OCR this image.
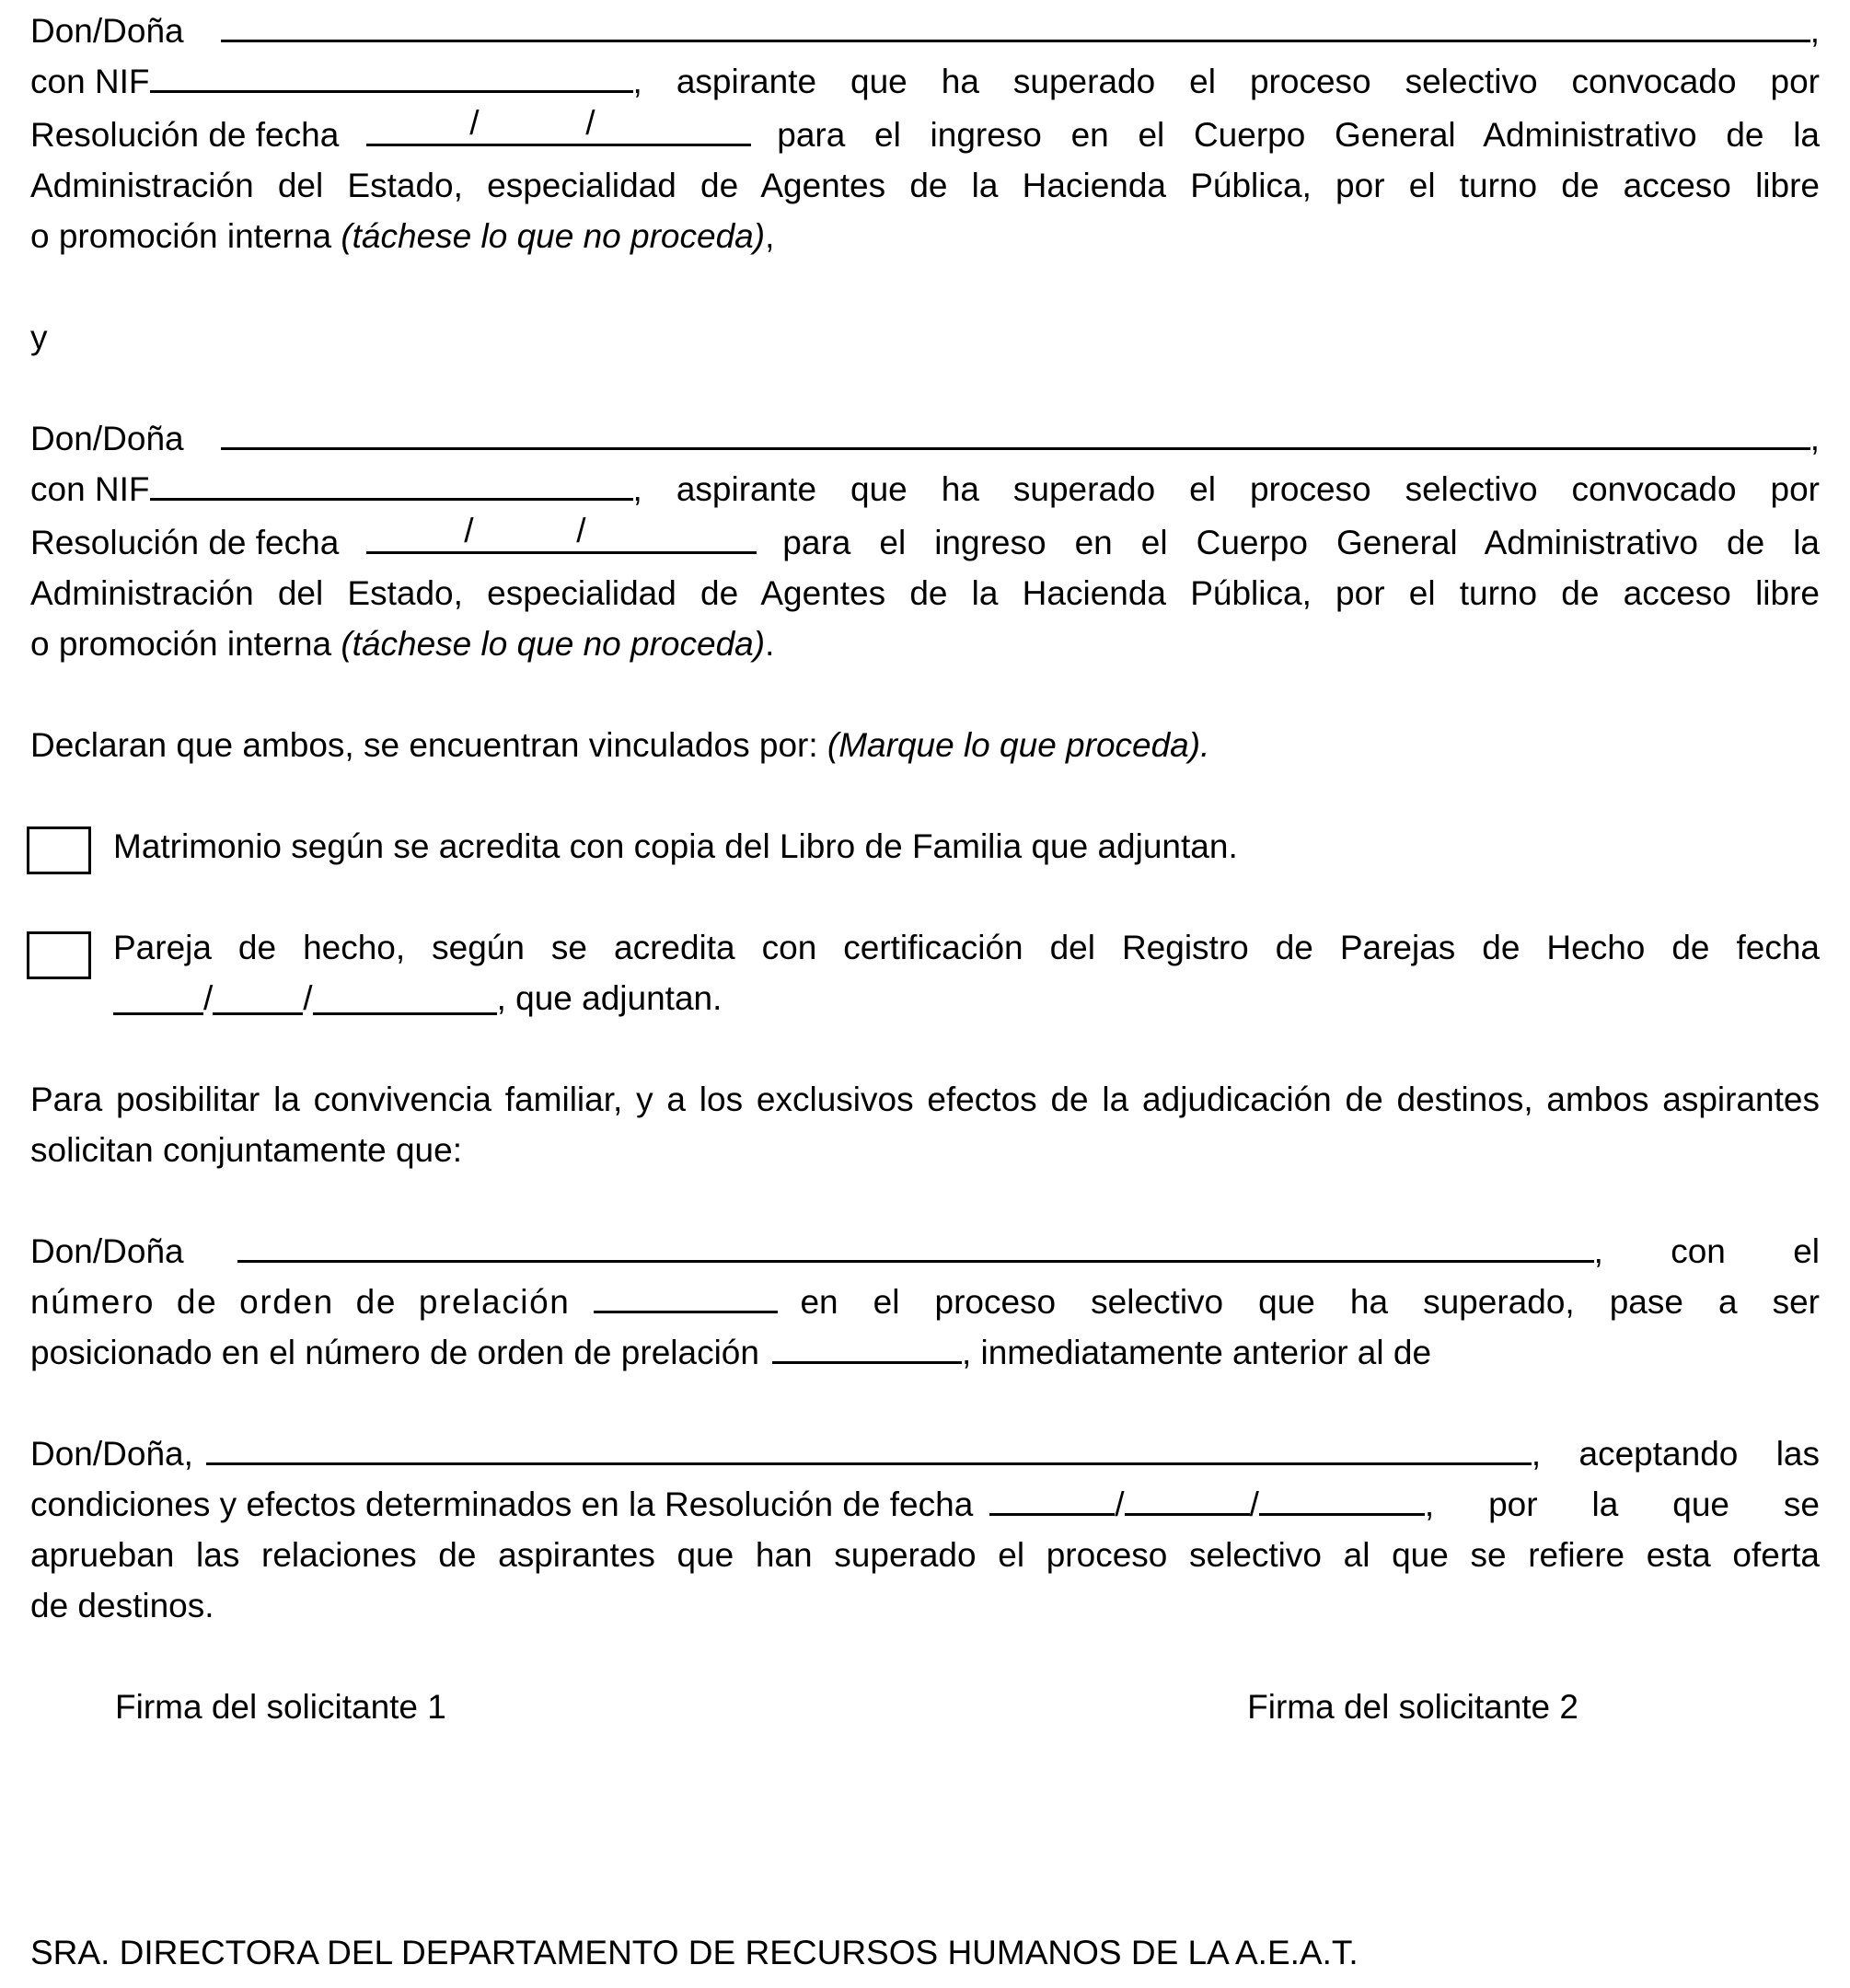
Don/Doña	,
con NIF	, aspirante que ha superado el proceso selectivo convocado por
Resolución de fecha	/	/	para el ingreso en el Cuerpo General Administrativo de la

Administración del Estado, especialidad de Agentes de la Hacienda Pública, por el turno de acceso libre

o promoción interna (táchese lo que no proceda),

y

Don/Doña	,
con NIF	, aspirante que ha superado el proceso selectivo convocado por
Resolución de fecha	/	/	para el ingreso en el Cuerpo General Administrativo de la

Administración del Estado, especialidad de Agentes de la Hacienda Pública, por el turno de acceso libre

o promoción interna (táchese lo que no proceda).

Declaran que ambos, se encuentran vinculados por: (Marque lo que proceda).

Matrimonio según se acredita con copia del Libro de Familia que adjuntan.
Pareja de hecho, según se acredita con certificación del Registro de Parejas de Hecho de fecha
/	/	, que adjuntan.

Para posibilitar la convivencia familiar, y a los exclusivos efectos de la adjudicación de destinos, ambos aspirantes solicitan conjuntamente que:

Don/Doña	, con el
número de orden de prelación	en el proceso selectivo que ha superado, pase a ser
posicionado en el número de orden de prelación	, inmediatamente anterior al de
Don/Doña,	, aceptando las
condiciones y efectos determinados en la Resolución de fecha	/	/	, por la que se

aprueban las relaciones de aspirantes que han superado el proceso selectivo al que se refiere esta oferta

de destinos.

Firma del solicitante 1	Firma del solicitante 2
SRA. DIRECTORA DEL DEPARTAMENTO DE RECURSOS HUMANOS DE LA A.E.A.T.
